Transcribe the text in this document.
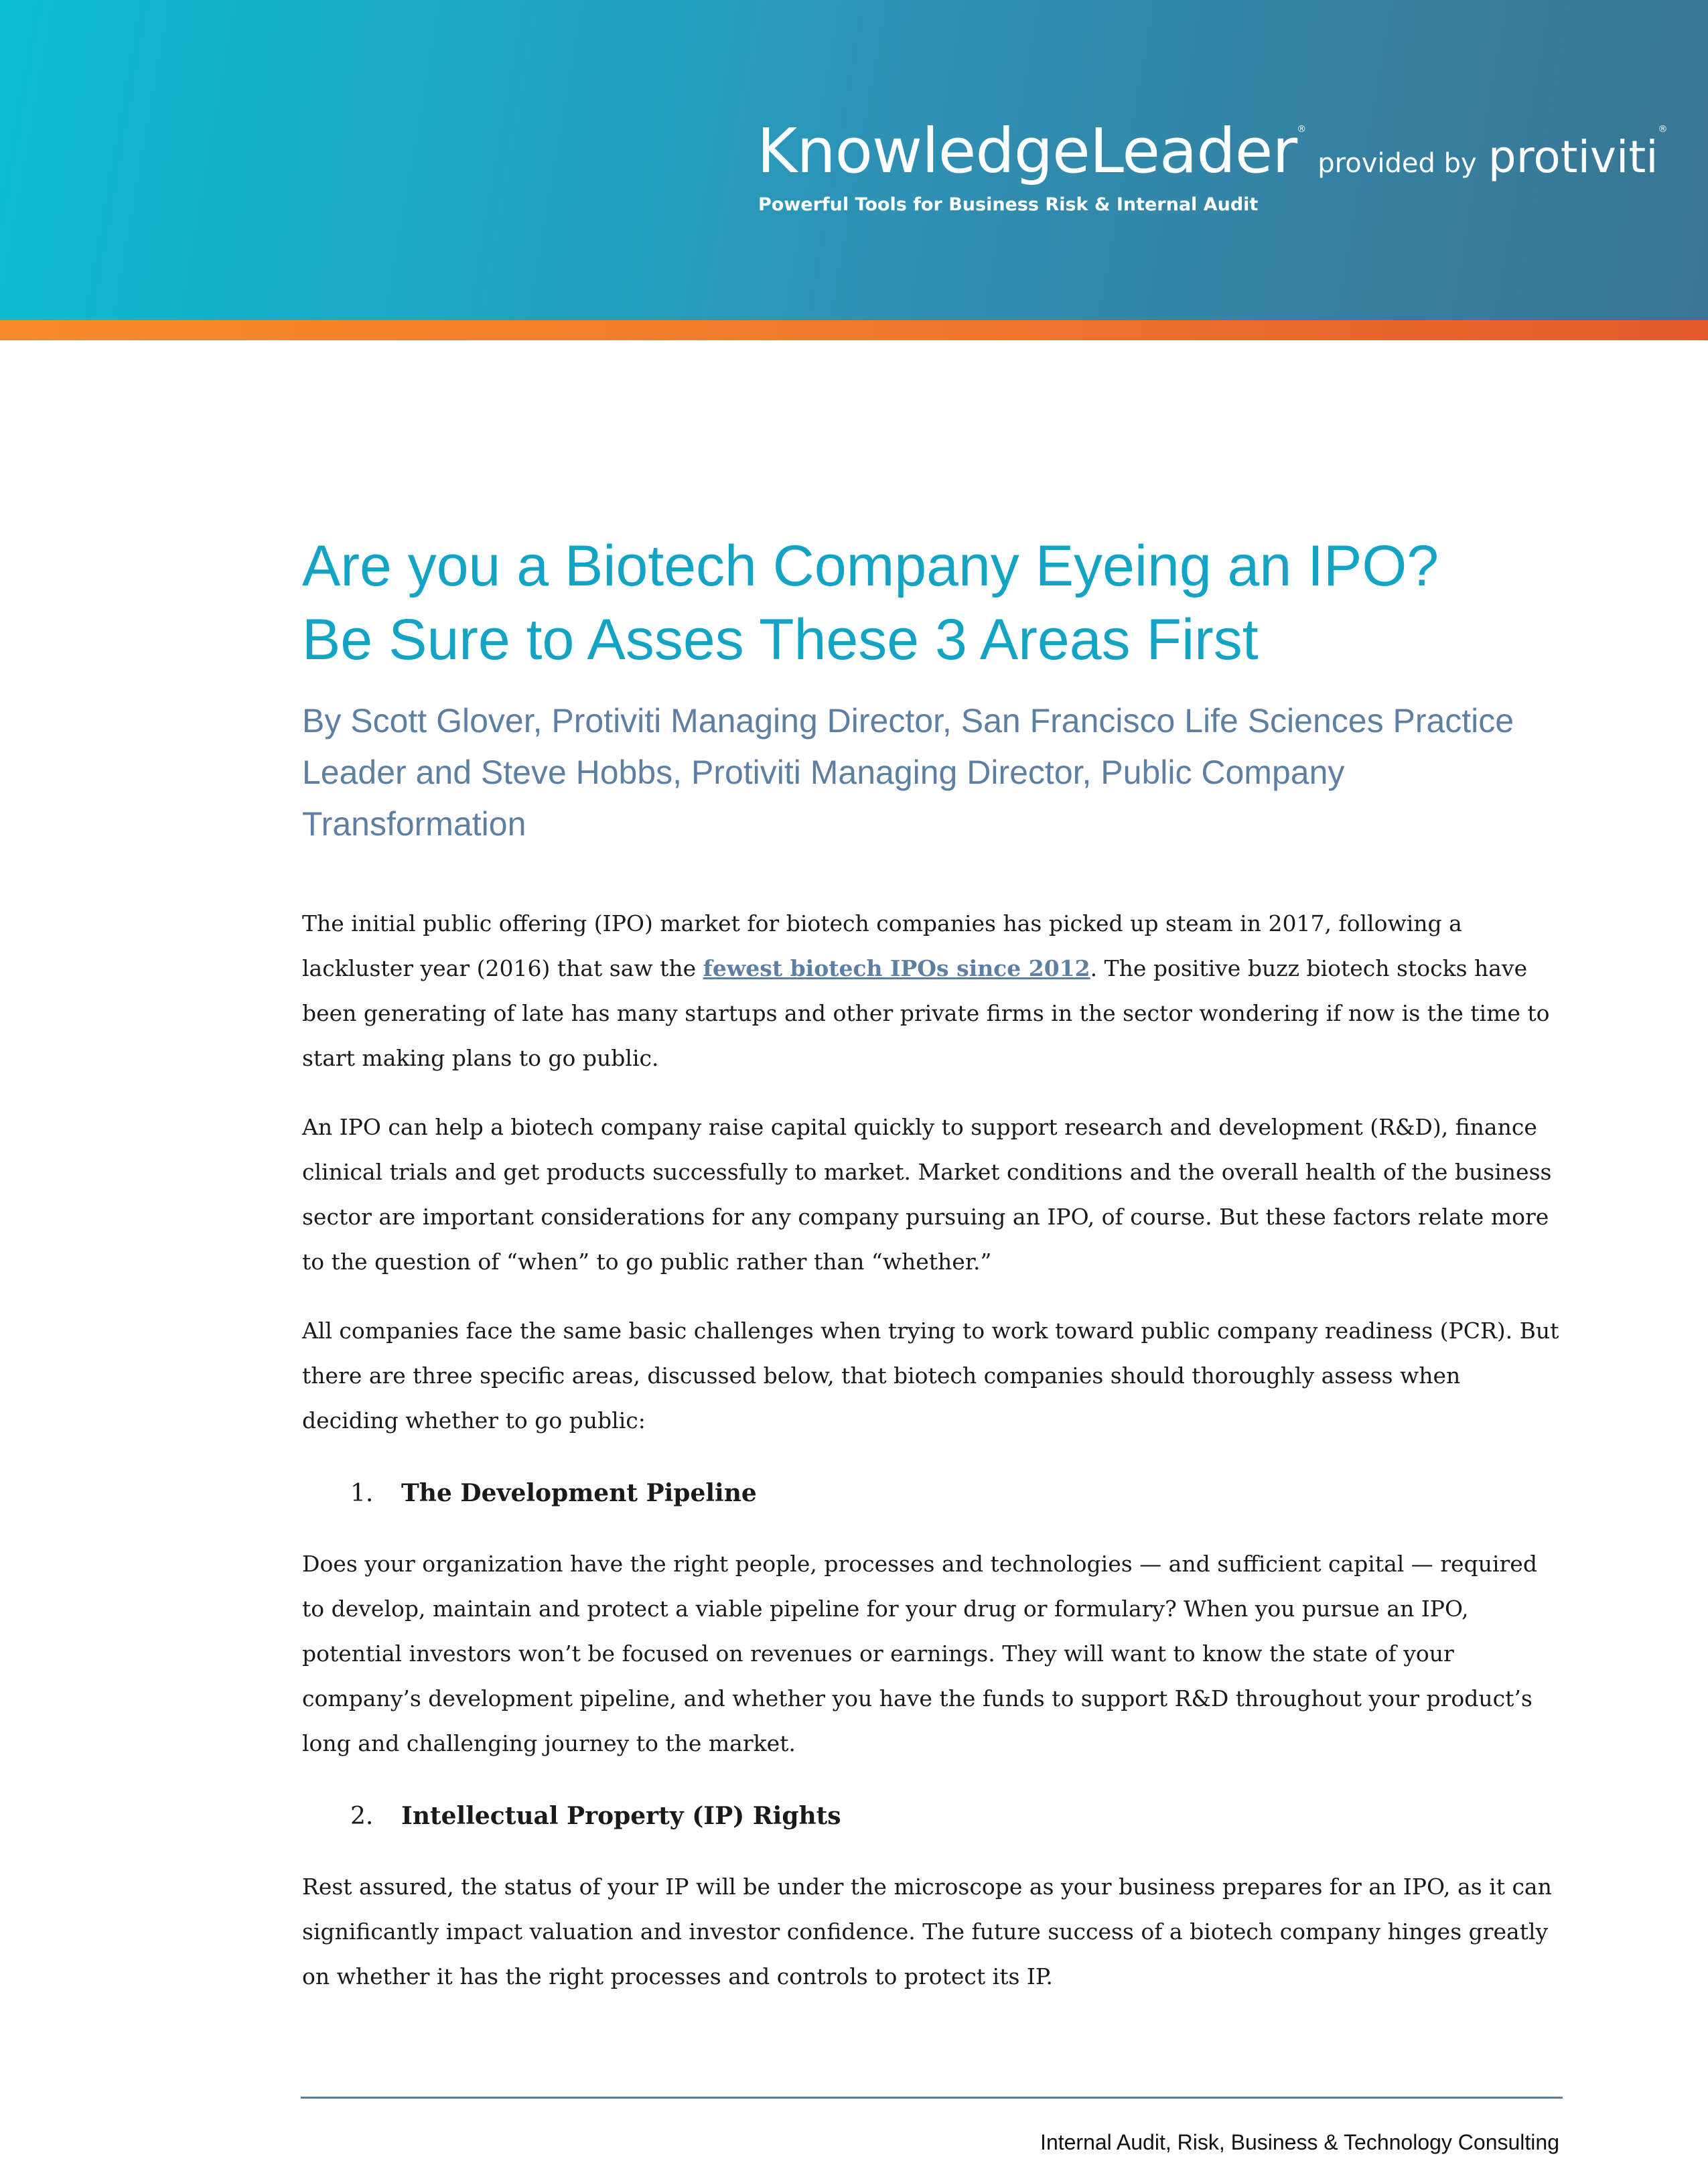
KnowledgeLeader® provided by protiviti®
Powerful Tools for Business Risk & Internal Audit
Are you a Biotech Company Eyeing an IPO?
Be Sure to Asses These 3 Areas First

By Scott Glover, Protiviti Managing Director, San Francisco Life Sciences Practice Leader and Steve Hobbs, Protiviti Managing Director, Public Company Transformation

The initial public offering (IPO) market for biotech companies has picked up steam in 2017, following a lackluster year (2016) that saw the fewest biotech IPOs since 2012. The positive buzz biotech stocks have been generating of late has many startups and other private firms in the sector wondering if now is the time to start making plans to go public.

An IPO can help a biotech company raise capital quickly to support research and development (R&D), finance clinical trials and get products successfully to market. Market conditions and the overall health of the business sector are important considerations for any company pursuing an IPO, of course. But these factors relate more to the question of “when” to go public rather than “whether.”

All companies face the same basic challenges when trying to work toward public company readiness (PCR). But there are three specific areas, discussed below, that biotech companies should thoroughly assess when deciding whether to go public:

1. The Development Pipeline

Does your organization have the right people, processes and technologies — and sufficient capital — required to develop, maintain and protect a viable pipeline for your drug or formulary? When you pursue an IPO, potential investors won’t be focused on revenues or earnings. They will want to know the state of your company’s development pipeline, and whether you have the funds to support R&D throughout your product’s long and challenging journey to the market.

2. Intellectual Property (IP) Rights

Rest assured, the status of your IP will be under the microscope as your business prepares for an IPO, as it can significantly impact valuation and investor confidence. The future success of a biotech company hinges greatly on whether it has the right processes and controls to protect its IP.

Internal Audit, Risk, Business & Technology Consulting
